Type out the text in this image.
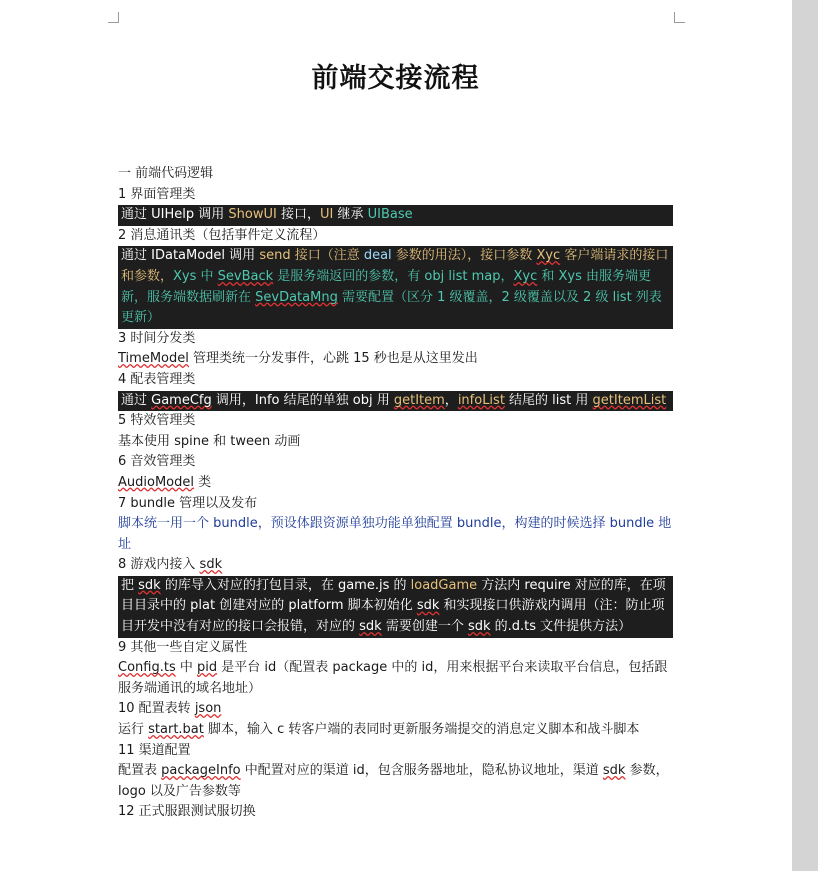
前端交接流程
一 前端代码逻辑
1 界面管理类
通过 UIHelp 调用 ShowUI 接口，UI 继承 UIBase
2 消息通讯类（包括事件定义流程）
通过 IDataModel 调用 send 接口（注意 deal 参数的用法），接口参数 Xyc 客户端请求的接口和参数，Xys 中 SevBack 是服务端返回的参数，有 obj list map，Xyc 和 Xys 由服务端更新，服务端数据刷新在 SevDataMng 需要配置（区分 1 级覆盖，2 级覆盖以及 2 级 list 列表更新）
3 时间分发类
TimeModel 管理类统一分发事件，心跳 15 秒也是从这里发出
4 配表管理类
通过 GameCfg 调用，Info 结尾的单独 obj 用 getItem，infoList 结尾的 list 用 getItemList
5 特效管理类
基本使用 spine 和 tween 动画
6 音效管理类
AudioModel 类
7 bundle 管理以及发布
脚本统一用一个 bundle，预设体跟资源单独功能单独配置 bundle，构建的时候选择 bundle 地址
8 游戏内接入 sdk
把 sdk 的库导入对应的打包目录，在 game.js 的 loadGame 方法内 require 对应的库，在项目目录中的 plat 创建对应的 platform 脚本初始化 sdk 和实现接口供游戏内调用（注：防止项目开发中没有对应的接口会报错，对应的 sdk 需要创建一个 sdk 的.d.ts 文件提供方法）
9 其他一些自定义属性
Config.ts 中 pid 是平台 id（配置表 package 中的 id，用来根据平台来读取平台信息，包括跟服务端通讯的域名地址）
10 配置表转 json
运行 start.bat 脚本，输入 c 转客户端的表同时更新服务端提交的消息定义脚本和战斗脚本
11 渠道配置
配置表 packageInfo 中配置对应的渠道 id，包含服务器地址，隐私协议地址，渠道 sdk 参数，logo 以及广告参数等
12 正式服跟测试服切换
